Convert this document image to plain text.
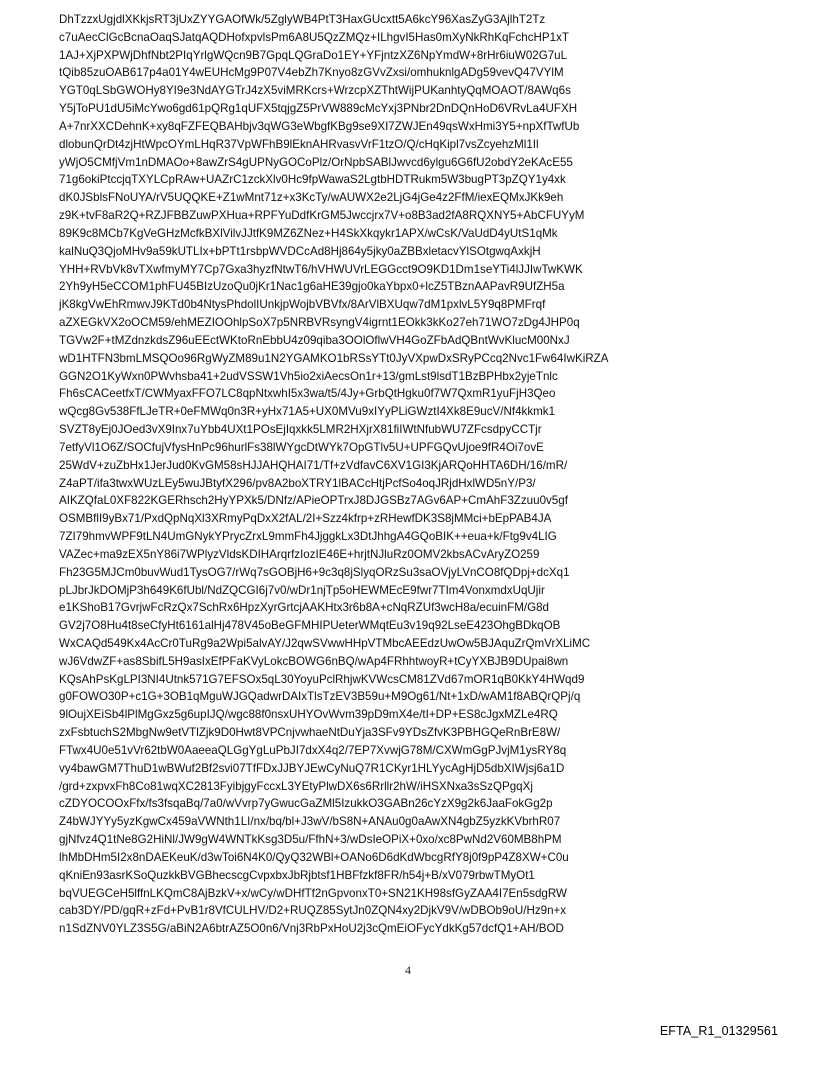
DhTzzxUgjdlXKkjsRT3jUxZYYGAOfWk/5ZglyWB4PtT3HaxGUcxtt5A6kcY96XasZyG3AjlhT2Tz
c7uAecClGcBcnaOaqSJatqAQDHofxpvlsPm6A8U5QzZMQz+ILhgvI5Has0mXyNkRhKqFchcHP1xT
1AJ+XjPXPWjDhfNbt2PIqYrlgWQcn9B7GpqLQGraDo1EY+YFjntzXZ6NpYmdW+8rHr6iuW02G7uL
tQib85zuOAB617p4a01Y4wEUHcMg9P07V4ebZh7Knyo8zGVvZxsi/omhuknlgADg59vevQ47VYlM
YGT0qLSbGWOHy8YI9e3NdAYGTrJ4zX5viMRKcrs+WrzcpXZThtWijPUKanhtyQqMOAOT/8AWq6s
Y5jToPU1dU5iMcYwo6gd61pQRg1qUFX5tqjgZ5PrVW889cMcYxj3PNbr2DnDQnHoD6VRvLa4UFXH
A+7nrXXCDehnK+xy8qFZFEQBAHbjv3qWG3eWbgfKBg9se9XI7ZWJEn49qsWxHmi3Y5+npXfTwfUb
dlobunQrDt4zjHtWpcOYmLHqR37VpWFhB9lEknAHRvasvVrF1tzO/Q/cHqKipl7vsZcyehzMl1Il
yWjO5CMfjVm1nDMAOo+8awZrS4gUPNyGOCoPlz/OrNpbSABlJwvcd6ylgu6G6fU2obdY2eKAcE55
71g6okiPtccjqTXYLCpRAw+UAZrC1zckXlv0Hc9fpWawaS2LgtbHDTRukm5W3bugPT3pZQY1y4xk
dK0JSblsFNoUYA/rV5UQQKE+Z1wMnt71z+x3KcTy/wAUWX2e2LjG4jGe4z2FfM/iexEQMxJKk9eh
z9K+tvF8aR2Q+RZJFBBZuwPXHua+RPFYuDdfKrGM5Jwccjrx7V+o8B3ad2fA8RQXNY5+AbCFUYyM
89K9c8MCb7KgVeGHzMcfkBXlVilvJJtfK9MZ6ZNez+H4SkXkqykr1APX/wCsK/VaUdD4yUtS1qMk
kalNuQ3QjoMHv9a59kUTLIx+bPTt1rsbpWVDCcAd8Hj864y5jky0aZBBxletacvYlSOtgwqAxkjH
YHH+RVbVk8vTXwfmyMY7Cp7Gxa3hyzfNtwT6/hVHWUVrLEGGcct9O9KD1Dm1seYTi4lJJIwTwKWK
2Yh9yH5eCCOM1phFU45BIzUzoQu0jKr1Nac1g6aHE39gjo0kaYbpx0+lcZ5TBznAAPavR9UfZH5a
jK8kgVwEhRmwvJ9KTd0b4NtysPhdolIUnkjpWojbVBVfx/8ArVlBXUqw7dM1pxlvL5Y9q8PMFrqf
aZXEGkVX2oOCM59/ehMEZIOOhlpSoX7p5NRBVRsyngV4igrnt1EOkk3kKo27eh71WO7zDg4JHP0q
TGVw2F+tMZdnzkdsZ96uEEctWKtoRnEbbU4z09qiba3OOlOflwVH4GoZFbAdQBntWvKlucM00NxJ
wD1HTFN3bmLMSQOo96RgWyZM89u1N2YGAMKO1bRSsYTt0JyVXpwDxSRyPCcq2Nvc1Fw64IwKiRZA
GGN2O1KyWxn0PWvhsba41+2udVSSW1Vh5io2xiAecsOn1r+13/gmLst9lsdT1BzBPHbx2yjeTnlc
Fh6sCACeetfxT/CWMyaxFFO7LC8qpNtxwhI5x3wa/t5/4Jy+GrbQtHgku0f7W7QxmR1yuFjH3Qeo
wQcg8Gv538FfLJeTR+0eFMWq0n3R+yHx71A5+UX0MVu9xIYyPLiGWztI4Xk8E9ucV/Nf4kkmk1
SVZT8yEj0JOed3vX9Inx7uYbb4UXt1POsEjIqxkk5LMR2HXjrX81fiIWtNfubWU7ZFcsdpyCCTjr
7etfyVl1O6Z/SOCfujVfysHnPc96hurlFs38lWYgcDtWYk7OpGTlv5U+UPFGQvUjoe9fR4Oi7ovE
25WdV+zuZbHx1JerJud0KvGM58sHJJAHQHAI71/Tf+zVdfavC6XV1GI3KjARQoHHTA6DH/16/mR/
Z4aPT/ifa3twxWUzLEy5wuJBtyfX296/pv8A2boXTRY1lBACcHtjPcfSo4oqJRjdHxlWD5nY/P3/
AIKZQfaL0XF822KGERhsch2HyYPXk5/DNfz/APieOPTrxJ8DJGSBz7AGv6AP+CmAhF3Zzuu0v5gf
OSMBflI9yBx71/PxdQpNqXl3XRmyPqDxX2fAL/2I+Szz4kfrp+zRHewfDK3S8jMMci+bEpPAB4JA
7ZI79hmvWPF9tLN4UmGNykYPrycZrxL9mmFh4JjggkLx3DtJhhgA4GQoBIK++eua+k/Ftg9v4LIG
VAZec+ma9zEX5nY86i7WPlyzVldsKDIHArqrfzIozIE46E+hrjtNJluRz0OMV2kbsACvAryZO259
Fh23G5MJCm0buvWud1TysOG7/rWq7sGOBjH6+9c3q8jSlyqORzSu3saOVjyLVnCO8fQDpj+dcXq1
pLJbrJkDOMjP3h649K6fUbl/NdZQCGI6j7v0/wDr1njTp5oHEWMEcE9fwr7TIm4VonxmdxUqUjir
e1KShoB17GvrjwFcRzQx7SchRx6HpzXyrGrtcjAAKHtx3r6b8A+cNqRZUf3wcH8a/ecuinFM/G8d
GV2j7O8Hu4t8seCfyHt6161alHj478V45oBeGFMHIPUeterWMqtEu3v19q92LseE423OhgBDkqOB
WxCAQd549Kx4AcCr0TuRg9a2Wpi5alvAY/J2qwSVwwHHpVTMbcAEEdzUwOw5BJAquZrQmVrXLiMC
wJ6VdwZF+as8SbifL5H9asIxEfPFaKVyLokcBOWG6nBQ/wAp4FRhhtwoyR+tCyYXBJB9DUpai8wn
KQsAhPsKgLPI3NI4Utnk571G7EFSOx5qL30YoyuPclRhjwKVWcsCM81ZVd67mOR1qB0KkY4HWqd9
g0FOWO30P+c1G+3OB1qMguWJGQadwrDAIxTlsTzEV3B59u+M9Og61/Nt+1xD/wAM1f8ABQrQPj/q
9lOujXEiSb4lPlMgGxz5g6upIJQ/wgc88f0nsxUHYOvWvm39pD9mX4e/tI+DP+ES8cJgxMZLe4RQ
zxFsbtuchS2MbgNw9etVTlZjk9D0Hwt8VPCnjvwhaeNtDuYja3SFv9YDsZfvK3PBHGQeRnBrE8W/
FTwx4U0e51vVr62tbW0AaeeaQLGgYgLuPbJI7dxX4q2/7EP7XvwjG78M/CXWmGgPJvjM1ysRY8q
vy4bawGM7ThuD1wBWuf2Bf2svi07TfFDxJJBYJEwCyNuQ7R1CKyr1HLYycAgHjD5dbXIWjsj6a1D
/grd+zxpvxFh8Co81wqXC2813FyibjgyFccxL3YEtyPlwDX6s6Rrllr2hW/iHSXNxa3sSzQPgqXj
cZDYOCOOxFfx/fs3fsqaBq/7a0/wVvrp7yGwucGaZMl5IzukkO3GABn26cYzX9g2k6JaaFokGg2p
Z4bWJYYy5yzKgwCx459aVWNth1LI/nx/bq/bl+J3wV/bS8N+ANAu0g0aAwXN4gbZ5yzkKVbrhR07
gjNfvz4Q1tNe8G2HiNl/JW9gW4WNTkKsg3D5u/FfhN+3/wDsIeOPiX+0xo/xc8PwNd2V60MB8hPM
lhMbDHm5I2x8nDAEKeuK/d3wToi6N4K0/QyQ32WBl+OANo6D6dKdWbcgRfY8j0f9pP4Z8XW+C0u
qKniEn93asrKSoQuzkkBVGBhecscgCvpxbxJbRjbtsf1HBFfzkf8FR/h54j+B/xV079rbwTMyOt1
bqVUEGCeH5lffnLKQmC8AjBzkV+x/wCy/wDHfTf2nGpvonxT0+SN21KH98sfGyZAA4I7En5sdgRW
cab3DY/PD/gqR+zFd+PvB1r8VfCULHV/D2+RUQZ85SytJn0ZQN4xy2DjkV9V/wDBOb9oU/Hz9n+x
n1SdZNV0YLZ3S5G/aBiN2A6btrAZ5O0n6/Vnj3RbPxHoU2j3cQmEiOFycYdkKg57dcfQ1+AH/BOD
4
EFTA_R1_01329561
